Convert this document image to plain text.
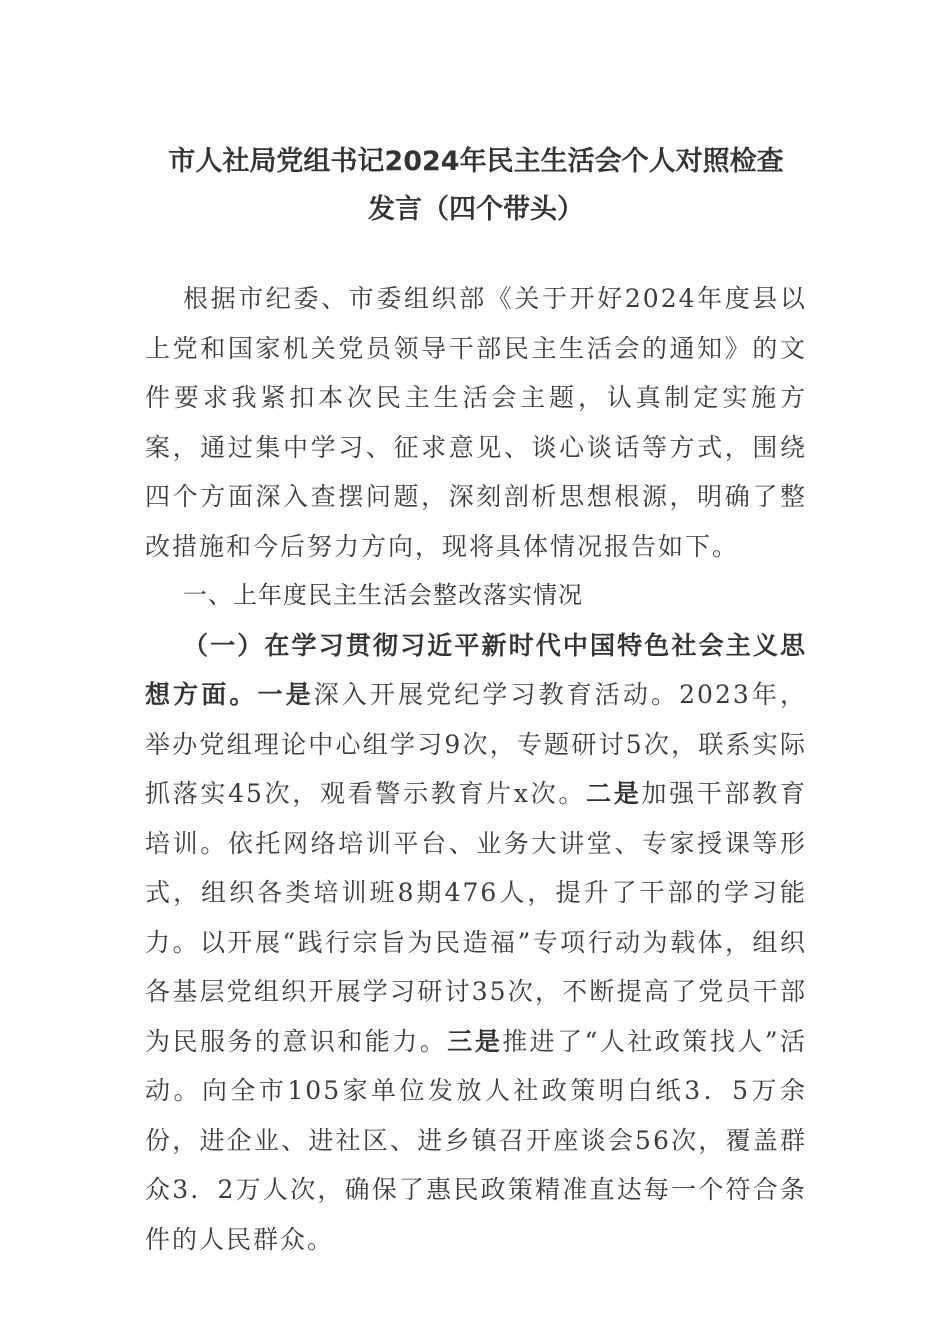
市人社局党组书记2024年民主生活会个人对照检查
发言（四个带头）

根据市纪委、市委组织部《关于开好2024年度县以上党和国家机关党员领导干部民主生活会的通知》的文件要求我紧扣本次民主生活会主题，认真制定实施方案，通过集中学习、征求意见、谈心谈话等方式，围绕四个方面深入查摆问题，深刻剖析思想根源，明确了整改措施和今后努力方向，现将具体情况报告如下。

一、上年度民主生活会整改落实情况

（一）在学习贯彻习近平新时代中国特色社会主义思想方面。一是深入开展党纪学习教育活动。2023年，举办党组理论中心组学习9次，专题研讨5次，联系实际抓落实45次，观看警示教育片x次。二是加强干部教育培训。依托网络培训平台、业务大讲堂、专家授课等形式，组织各类培训班8期476人，提升了干部的学习能力。以开展“践行宗旨为民造福”专项行动为载体，组织各基层党组织开展学习研讨35次，不断提高了党员干部为民服务的意识和能力。三是推进了“人社政策找人”活动。向全市105家单位发放人社政策明白纸3．5万余份，进企业、进社区、进乡镇召开座谈会56次，覆盖群众3．2万人次，确保了惠民政策精准直达每一个符合条件的人民群众。
